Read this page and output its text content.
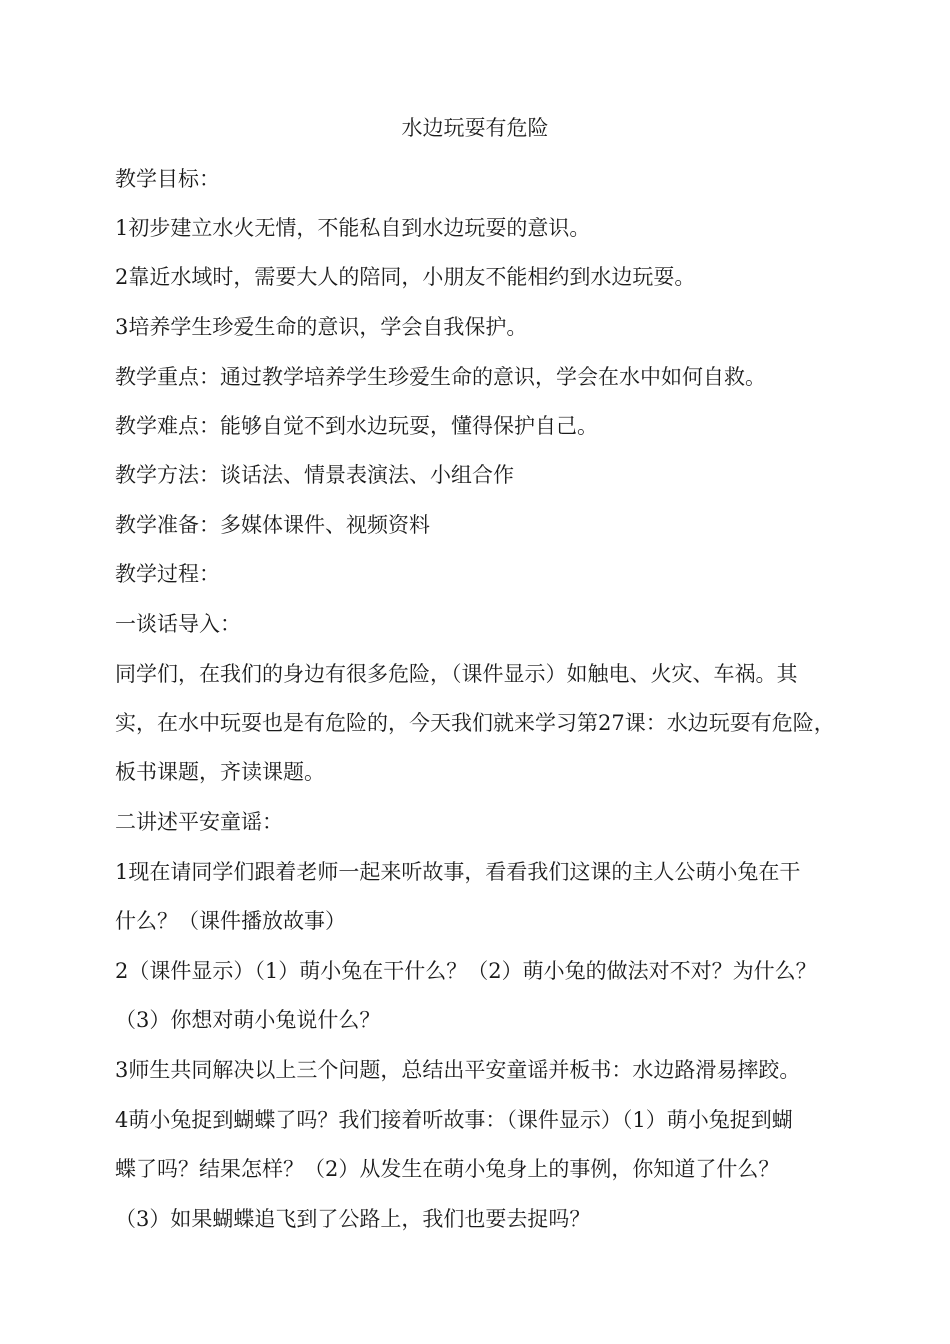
水边玩耍有危险
教学目标：
1初步建立水火无情，不能私自到水边玩耍的意识。
2靠近水域时，需要大人的陪同，小朋友不能相约到水边玩耍。
3培养学生珍爱生命的意识，学会自我保护。
教学重点：通过教学培养学生珍爱生命的意识，学会在水中如何自救。
教学难点：能够自觉不到水边玩耍，懂得保护自己。
教学方法：谈话法、情景表演法、小组合作
教学准备：多媒体课件、视频资料
教学过程：
一谈话导入：
同学们，在我们的身边有很多危险，（课件显示）如触电、火灾、车祸。其
实，在水中玩耍也是有危险的，今天我们就来学习第27课：水边玩耍有危险，
板书课题，齐读课题。
二讲述平安童谣：
1现在请同学们跟着老师一起来听故事，看看我们这课的主人公萌小兔在干
什么？（课件播放故事）
2（课件显示）（1）萌小兔在干什么？（2）萌小兔的做法对不对？为什么？
（3）你想对萌小兔说什么？
3师生共同解决以上三个问题，总结出平安童谣并板书：水边路滑易摔跤。
4萌小兔捉到蝴蝶了吗？我们接着听故事：（课件显示）（1）萌小兔捉到蝴
蝶了吗？结果怎样？（2）从发生在萌小兔身上的事例，你知道了什么？
（3）如果蝴蝶追飞到了公路上，我们也要去捉吗？
